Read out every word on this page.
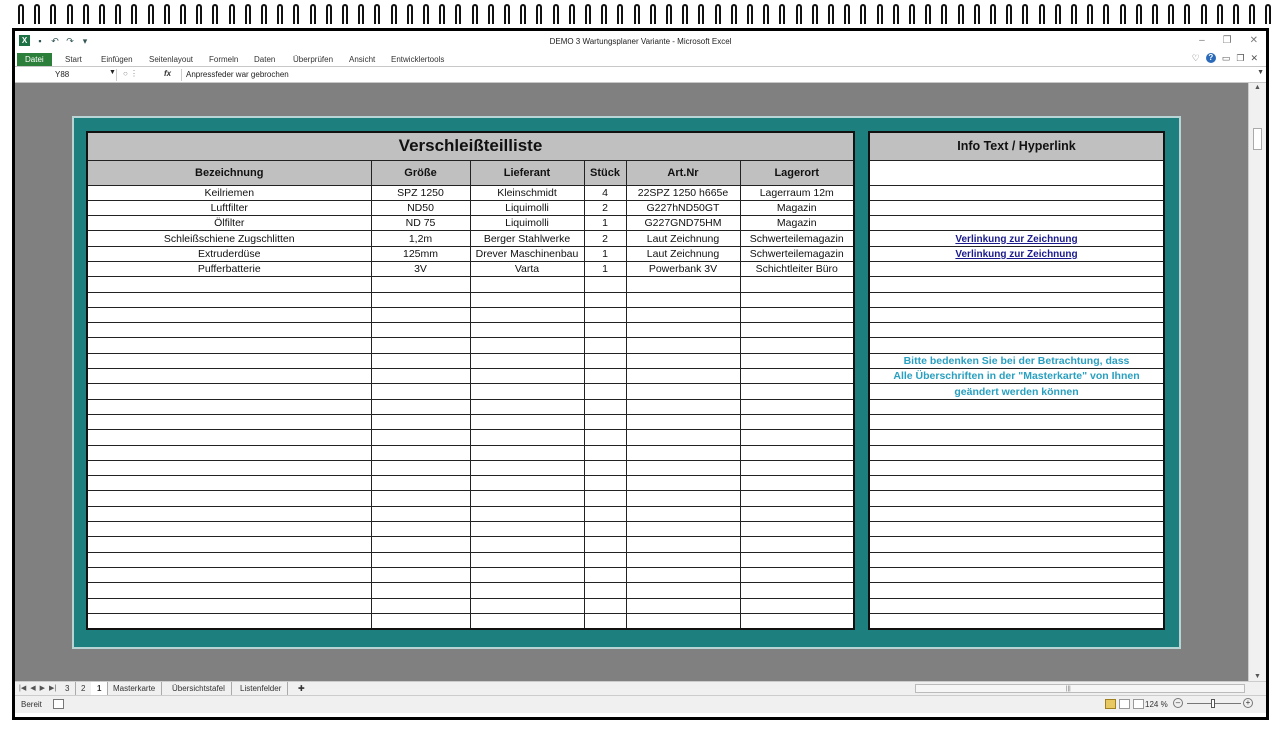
X	▪	↶ ↷ ▾	DEMO 3 Wartungsplaner Variante - Microsoft Excel	– ❐ ✕
Datei	Start	Einfügen	Seitenlayout	Formeln	Daten	Überprüfen	Ansicht	Entwicklertools	♡	? ▭ ❐ ✕
Y88	▼ ○ ⋮	fx	Anpressfeder war gebrochen	▼
Verschleißteilliste					
Bezeichnung	Größe	Lieferant	Stück	Art.Nr	Lagerort
Keilriemen	SPZ 1250	Kleinschmidt	4	22SPZ 1250 h665e	Lagerraum 12m
Luftfilter	ND50	Liquimolli	2	G227hND50GT	Magazin
Ölfilter	ND 75	Liquimolli	1	G227GND75HM	Magazin
Schleißschiene Zugschlitten	1,2m	Berger Stahlwerke	2	Laut Zeichnung	Schwerteilemagazin
Extruderdüse	125mm	Drever Maschinenbau	1	Laut Zeichnung	Schwerteilemagazin
Pufferbatterie	3V	Varta	1	Powerbank 3V	Schichtleiter Büro

Info Text / Hyperlink

Verlinkung zur Zeichnung
Verlinkung zur Zeichnung

Bitte bedenken Sie bei der Betrachtung, dass
Alle Überschriften in der "Masterkarte" von Ihnen
geändert werden können

▲
▼
|◀ ◀ ▶ ▶|	3	2	1	Masterkarte	Übersichtstafel	Listenfelder	✚	|||
Bereit	124 %	–	+
